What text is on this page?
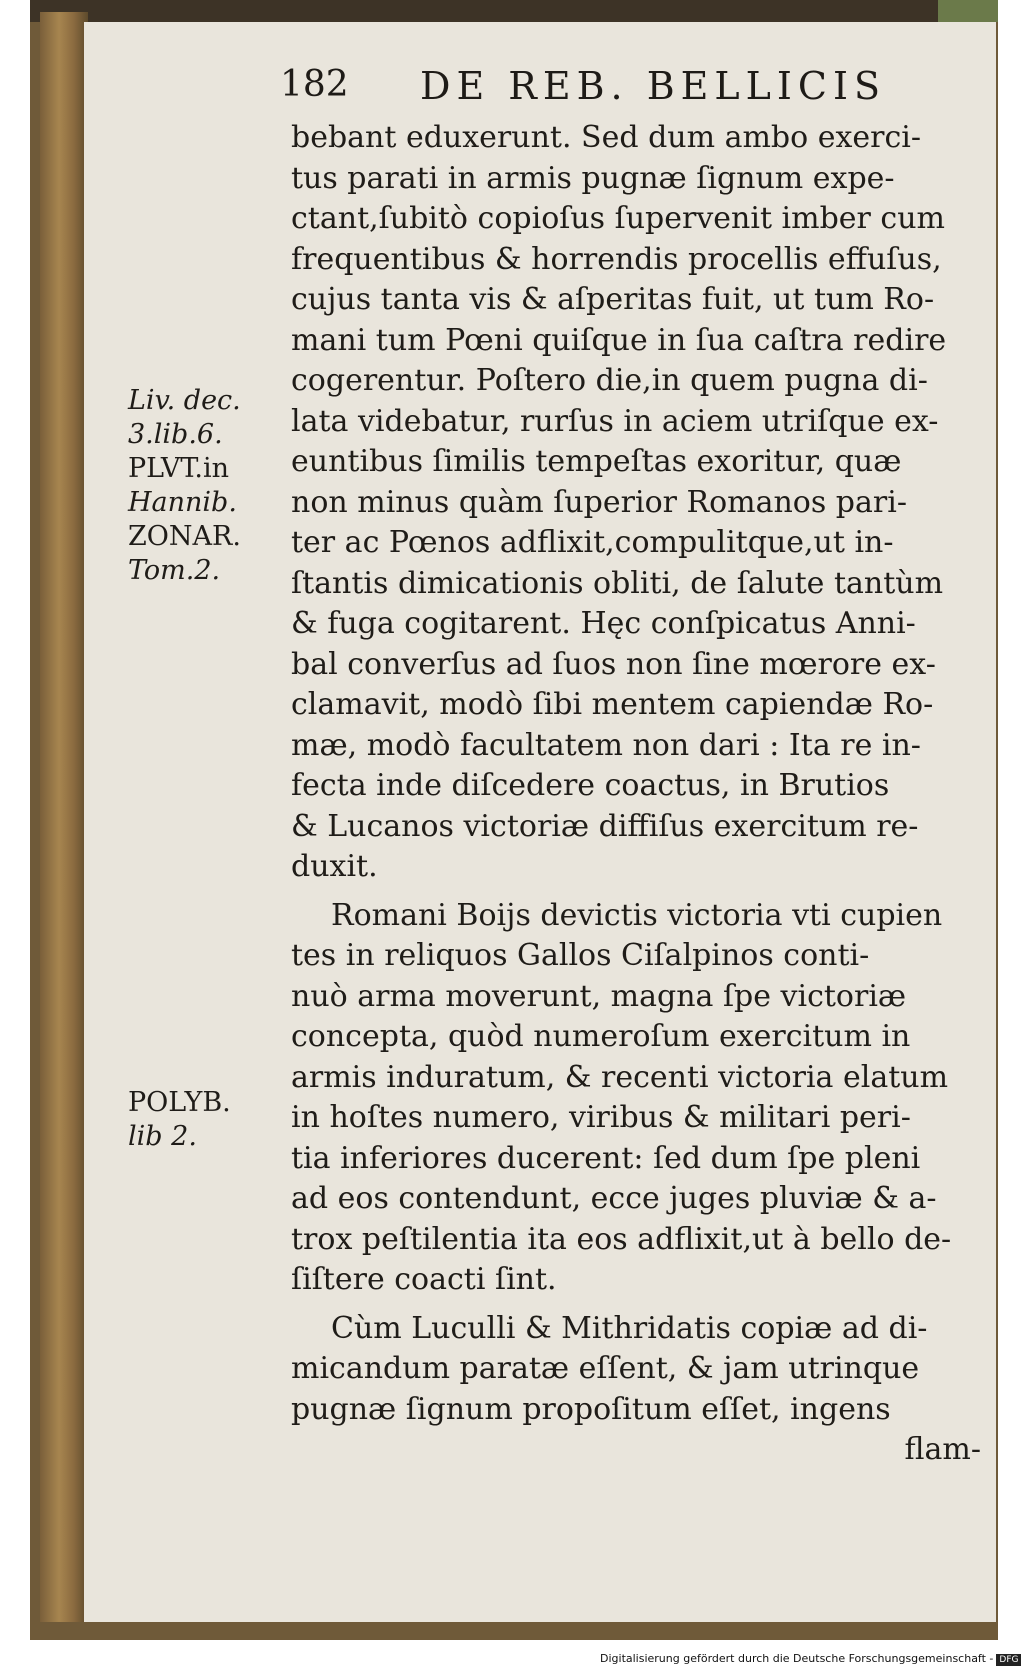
182 DE REB. BELLICIS
Liv. dec.
3.lib.6.
PLVT.in
Hannib.
ZONAR.
Tom.2.
POLYB.
lib 2.
bebant eduxerunt. Sed dum ambo exerci-
tus parati in armis pugnæ ſignum expe-
ctant,ſubitò copioſus ſupervenit imber cum
frequentibus & horrendis procellis effuſus,
cujus tanta vis & aſperitas fuit, ut tum Ro-
mani tum Pœni quiſque in ſua caſtra redire
cogerentur. Poſtero die,in quem pugna di-
lata videbatur, rurſus in aciem utriſque ex-
euntibus ſimilis tempeſtas exoritur, quæ
non minus quàm ſuperior Romanos pari-
ter ac Pœnos adflixit,compulitque,ut in-
ſtantis dimicationis obliti, de ſalute tantùm
& fuga cogitarent. Hęc conſpicatus Anni-
bal converſus ad ſuos non ſine mœrore ex-
clamavit, modò ſibi mentem capiendæ Ro-
mæ, modò facultatem non dari : Ita re in-
fecta inde diſcedere coactus, in Brutios
& Lucanos victoriæ diffiſus exercitum re-
duxit.
Romani Boijs devictis victoria vti cupien
tes in reliquos Gallos Ciſalpinos conti-
nuò arma moverunt, magna ſpe victoriæ
concepta, quòd numeroſum exercitum in
armis induratum, & recenti victoria elatum
in hoſtes numero, viribus & militari peri-
tia inferiores ducerent: ſed dum ſpe pleni
ad eos contendunt, ecce juges pluviæ & a-
trox peſtilentia ita eos adflixit,ut à bello de-
ſiſtere coacti ſint.
Cùm Luculli & Mithridatis copiæ ad di-
micandum paratæ eſſent, & jam utrinque
pugnæ ſignum propoſitum eſſet, ingens
flam-
Digitalisierung gefördert durch die Deutsche Forschungsgemeinschaft - DFG
